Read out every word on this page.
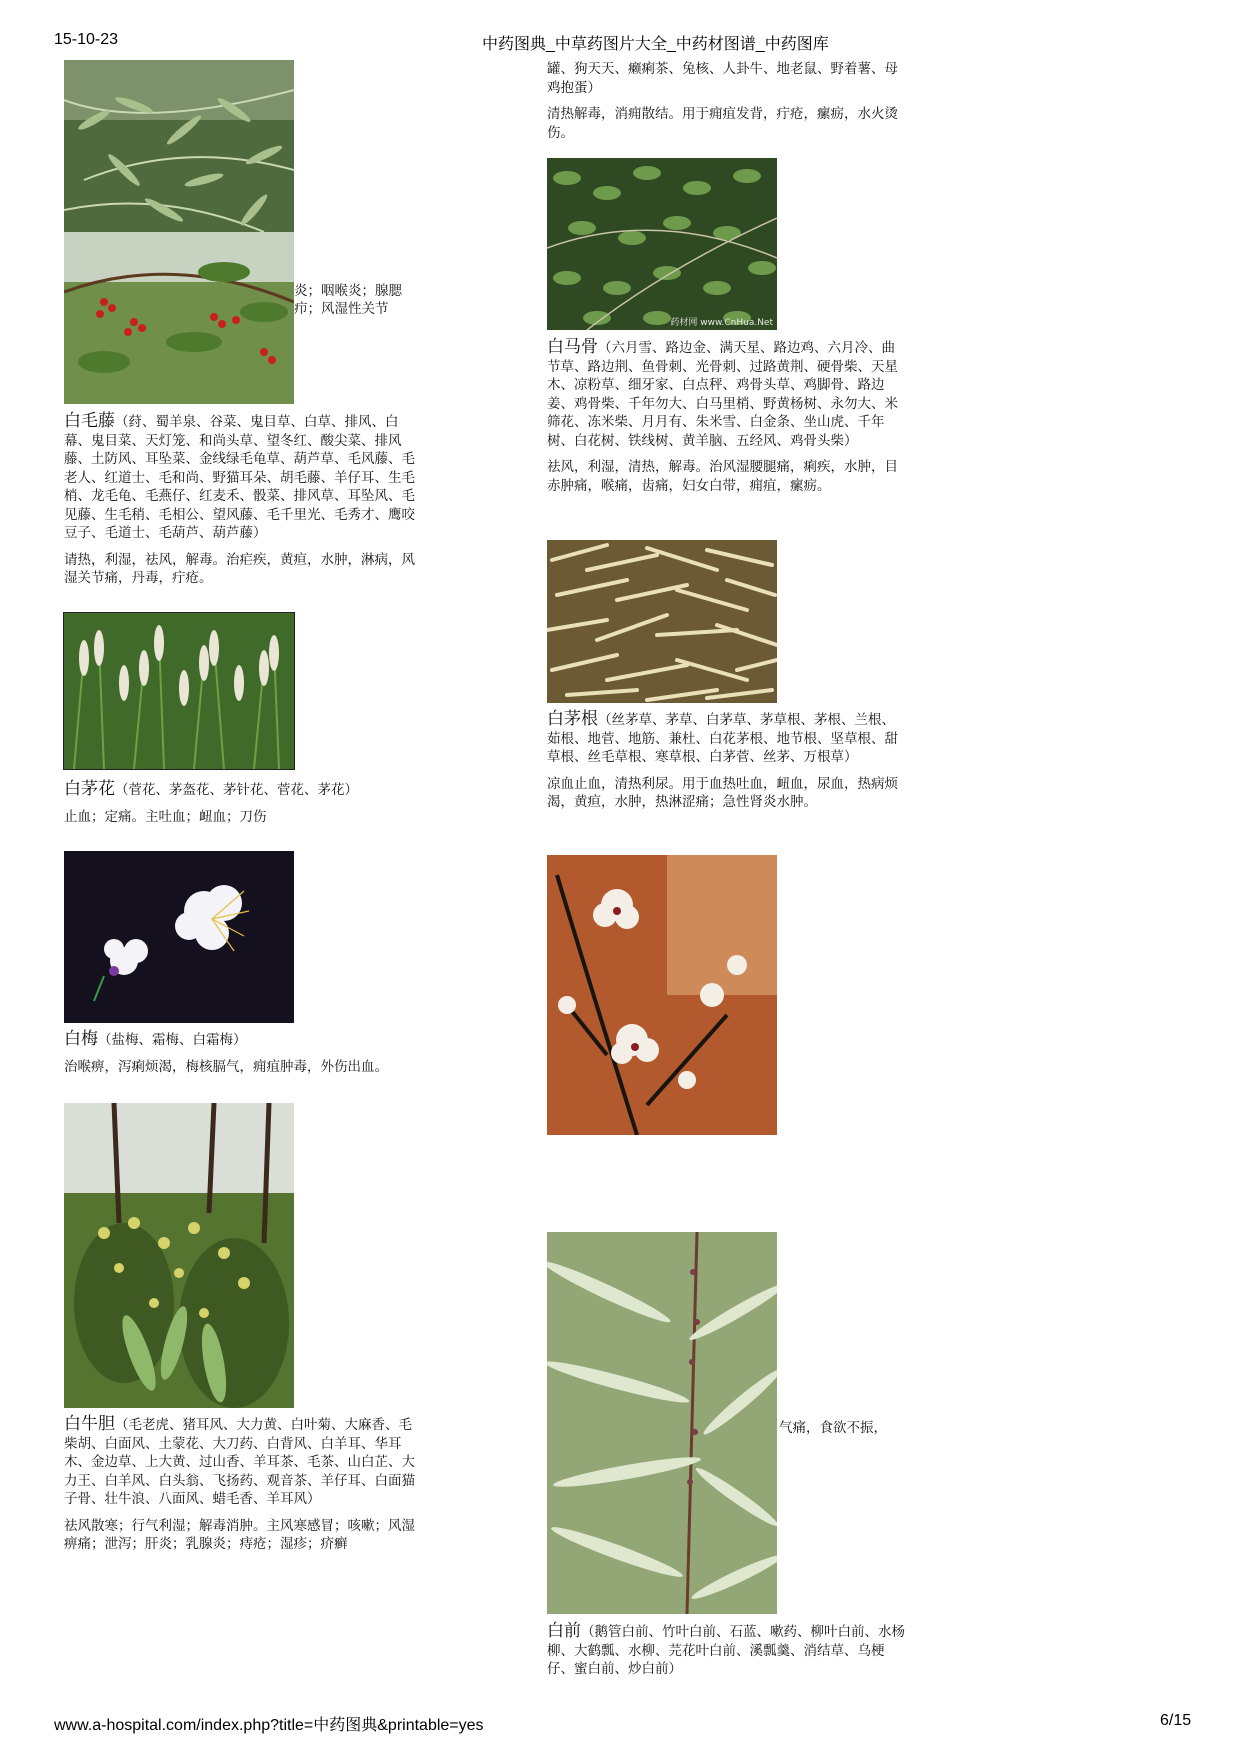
15-10-23	中药图典_中草药图片大全_中药材图谱_中药图库
炎；咽喉炎；腺腮
疖；风湿性关节

白毛藤（荮、蜀羊泉、谷菜、鬼目草、白草、排风、白幕、鬼目菜、天灯笼、和尚头草、望冬红、酸尖菜、排风藤、土防风、耳坠菜、金线绿毛龟草、葫芦草、毛风藤、毛老人、红道士、毛和尚、野猫耳朵、胡毛藤、羊仔耳、生毛梢、龙毛龟、毛燕仔、红麦禾、骰菜、排风草、耳坠风、毛见藤、生毛稍、毛相公、望风藤、毛千里光、毛秀才、鹰咬豆子、毛道士、毛葫芦、葫芦藤）

请热，利湿，祛风，解毒。治疟疾，黄疸，水肿，淋病，风湿关节痛，丹毒，疔疮。

白茅花（菅花、茅盔花、茅针花、菅花、茅花）

止血；定痛。主吐血；衄血；刀伤

白梅（盐梅、霜梅、白霜梅）

治喉痹，泻痢烦渴，梅核膈气，痈疽肿毒，外伤出血。

白牛胆（毛老虎、猪耳风、大力黄、白叶菊、大麻香、毛柴胡、白面风、土蒙花、大刀药、白背风、白羊耳、华耳木、金边草、上大黄、过山香、羊耳茶、毛茶、山白芷、大力王、白羊风、白头翁、飞扬药、观音茶、羊仔耳、白面猫子骨、壮牛浪、八面风、蜡毛香、羊耳风）

祛风散寒；行气利湿；解毒消肿。主风寒感冒；咳嗽；风湿痹痛；泄泻；肝炎；乳腺炎；痔疮；湿疹；疥癣

罐、狗天天、癞痢茶、兔核、人卦牛、地老鼠、野着薯、母鸡抱蛋）

清热解毒，消痈散结。用于痈疽发背，疔疮，瘰疬，水火烫伤。

药材网 www.CnHua.Net

白马骨（六月雪、路边金、满天星、路边鸡、六月冷、曲节草、路边荆、鱼骨刺、光骨刺、过路黄荆、硬骨柴、天星木、凉粉草、细牙家、白点秤、鸡骨头草、鸡脚骨、路边姜、鸡骨柴、千年勿大、白马里梢、野黄杨树、永勿大、米筛花、冻米柴、月月有、朱米雪、白金条、坐山虎、千年树、白花树、铁线树、黄羊脑、五经风、鸡骨头柴）

祛风，利湿，清热，解毒。治风湿腰腿痛，痢疾，水肿，目赤肿痛，喉痛，齿痛，妇女白带，痈疽，瘰疬。

白茅根（丝茅草、茅草、白茅草、茅草根、茅根、兰根、茹根、地菅、地筋、兼杜、白花茅根、地节根、坚草根、甜草根、丝毛草根、寒草根、白茅菅、丝茅、万根草）

凉血止血，清热利尿。用于血热吐血，衄血，尿血，热病烦渴，黄疸，水肿，热淋涩痛；急性肾炎水肿。

气痛，食欲不振，

白前（鹅管白前、竹叶白前、石蓝、嗽药、柳叶白前、水杨柳、大鹤瓢、水柳、芫花叶白前、溪瓢羹、消结草、乌梗仔、蜜白前、炒白前）

www.a-hospital.com/index.php?title=中药图典&printable=yes	6/15
